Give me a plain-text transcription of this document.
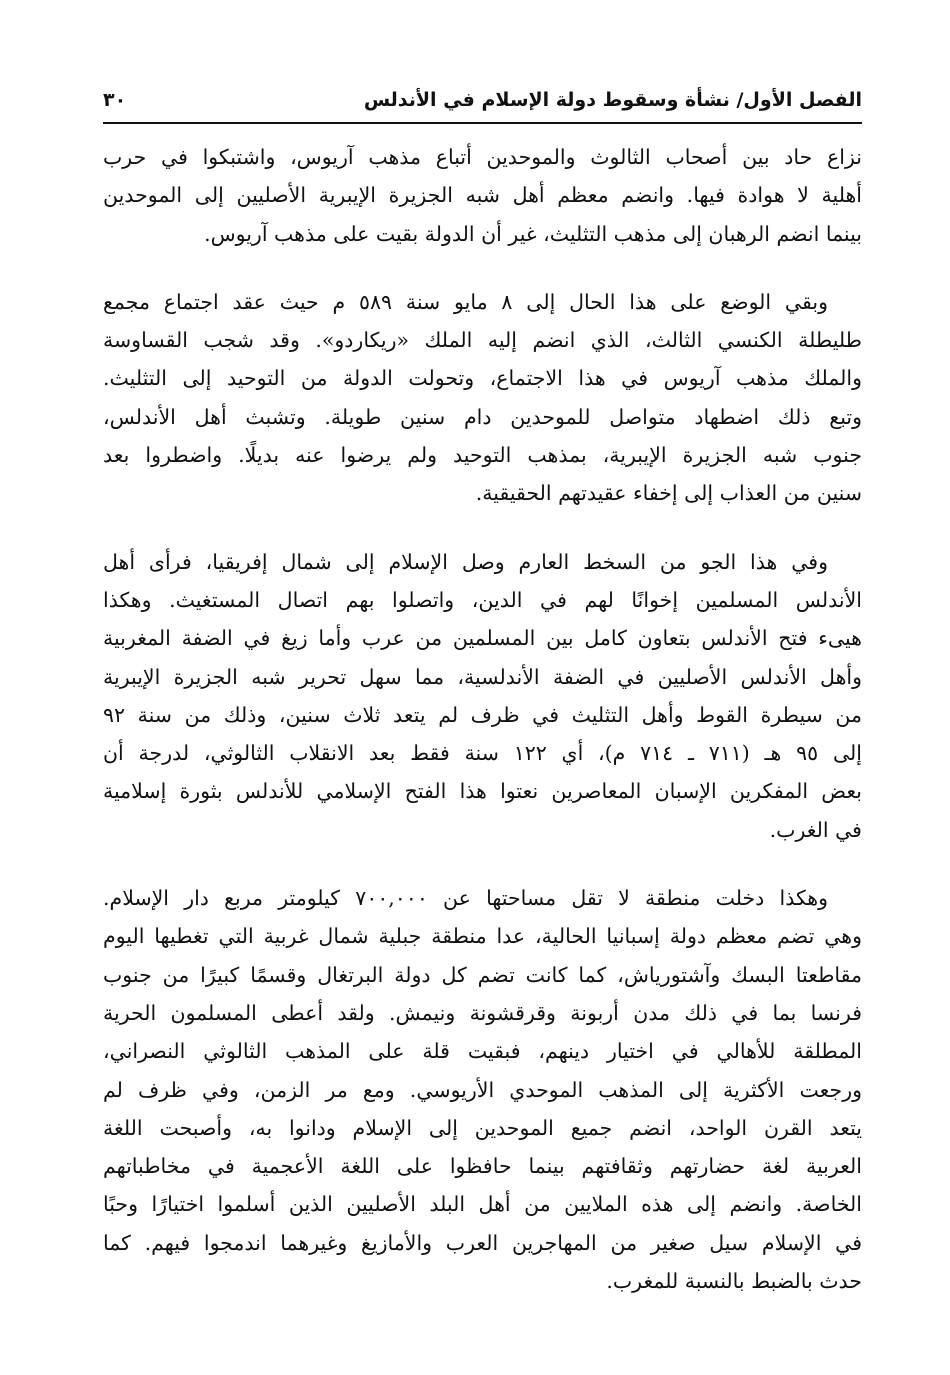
الفصل الأول/ نشأة وسقوط دولة الإسلام في الأندلس
٣٠
نزاع حاد بين أصحاب الثالوث والموحدين أتباع مذهب آريوس، واشتبكوا في حرب
أهلية لا هوادة فيها. وانضم معظم أهل شبه الجزيرة الإيبرية الأصليين إلى الموحدين
بينما انضم الرهبان إلى مذهب التثليث، غير أن الدولة بقيت على مذهب آريوس.
وبقي الوضع على هذا الحال إلى ٨ مايو سنة ٥٨٩ م حيث عقد اجتماع مجمع
طليطلة الكنسي الثالث، الذي انضم إليه الملك «ريكاردو». وقد شجب القساوسة
والملك مذهب آريوس في هذا الاجتماع، وتحولت الدولة من التوحيد إلى التثليث.
وتبع ذلك اضطهاد متواصل للموحدين دام سنين طويلة. وتشبث أهل الأندلس،
جنوب شبه الجزيرة الإيبرية، بمذهب التوحيد ولم يرضوا عنه بديلًا. واضطروا بعد
سنين من العذاب إلى إخفاء عقيدتهم الحقيقية.
وفي هذا الجو من السخط العارم وصل الإسلام إلى شمال إفريقيا، فرأى أهل
الأندلس المسلمين إخوانًا لهم في الدين، واتصلوا بهم اتصال المستغيث. وهكذا
هيىء فتح الأندلس بتعاون كامل بين المسلمين من عرب وأما زيغ في الضفة المغربية
وأهل الأندلس الأصليين في الضفة الأندلسية، مما سهل تحرير شبه الجزيرة الإيبرية
من سيطرة القوط وأهل التثليث في ظرف لم يتعد ثلاث سنين، وذلك من سنة ٩٢
إلى ٩٥ هـ (٧١١ ـ ٧١٤ م)، أي ١٢٢ سنة فقط بعد الانقلاب الثالوثي، لدرجة أن
بعض المفكرين الإسبان المعاصرين نعتوا هذا الفتح الإسلامي للأندلس بثورة إسلامية
في الغرب.
وهكذا دخلت منطقة لا تقل مساحتها عن ٧٠٠,٠٠٠ كيلومتر مربع دار الإسلام.
وهي تضم معظم دولة إسبانيا الحالية، عدا منطقة جبلية شمال غربية التي تغطيها اليوم
مقاطعتا البسك وآشتورياش، كما كانت تضم كل دولة البرتغال وقسمًا كبيرًا من جنوب
فرنسا بما في ذلك مدن أربونة وقرقشونة ونيمش. ولقد أعطى المسلمون الحرية
المطلقة للأهالي في اختيار دينهم، فبقيت قلة على المذهب الثالوثي النصراني،
ورجعت الأكثرية إلى المذهب الموحدي الأريوسي. ومع مر الزمن، وفي ظرف لم
يتعد القرن الواحد، انضم جميع الموحدين إلى الإسلام ودانوا به، وأصبحت اللغة
العربية لغة حضارتهم وثقافتهم بينما حافظوا على اللغة الأعجمية في مخاطباتهم
الخاصة. وانضم إلى هذه الملايين من أهل البلد الأصليين الذين أسلموا اختيارًا وحبًا
في الإسلام سيل صغير من المهاجرين العرب والأمازيغ وغيرهما اندمجوا فيهم. كما
حدث بالضبط بالنسبة للمغرب.
